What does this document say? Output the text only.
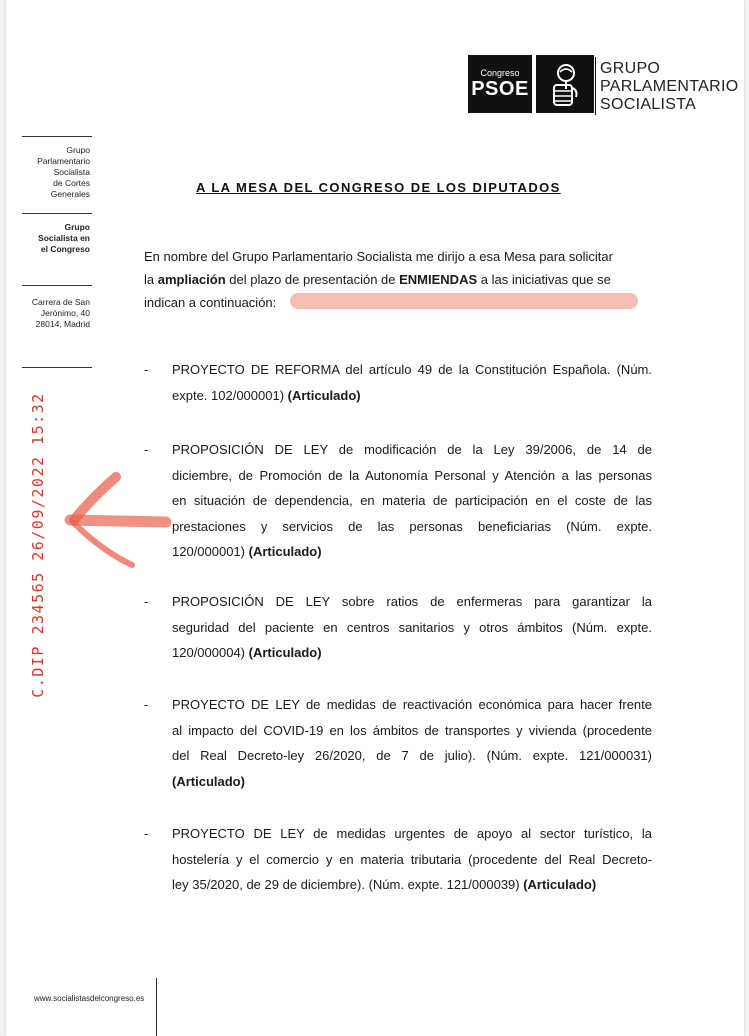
Congreso
PSOE
GRUPO
PARLAMENTARIO
SOCIALISTA
Grupo
Parlamentario
Socialista
de Cortes
Generales
Grupo
Socialista en
el Congreso
Carrera de San
Jerónimo, 40
28014, Madrid
C.DIP 234565 26/09/2022 15:32
A LA MESA DEL CONGRESO DE LOS DIPUTADOS
En nombre del Grupo Parlamentario Socialista me dirijo a esa Mesa para solicitar
la ampliación del plazo de presentación de ENMIENDAS a las iniciativas que se
indican a continuación:
- PROYECTO DE REFORMA del artículo 49 de la Constitución Española. (Núm.
expte. 102/000001) (Articulado)
- PROPOSICIÓN DE LEY de modificación de la Ley 39/2006, de 14 de
diciembre, de Promoción de la Autonomía Personal y Atención a las personas
en situación de dependencia, en materia de participación en el coste de las
prestaciones y servicios de las personas beneficiarias (Núm. expte.
120/000001) (Articulado)
- PROPOSICIÓN DE LEY sobre ratios de enfermeras para garantizar la
seguridad del paciente en centros sanitarios y otros ámbitos (Núm. expte.
120/000004) (Articulado)
- PROYECTO DE LEY de medidas de reactivación económica para hacer frente
al impacto del COVID-19 en los ámbitos de transportes y vivienda (procedente
del Real Decreto-ley 26/2020, de 7 de julio). (Núm. expte. 121/000031)
(Articulado)
- PROYECTO DE LEY de medidas urgentes de apoyo al sector turístico, la
hostelería y el comercio y en materia tributaria (procedente del Real Decreto-
ley 35/2020, de 29 de diciembre). (Núm. expte. 121/000039) (Articulado)
www.socialistasdelcongreso.es
